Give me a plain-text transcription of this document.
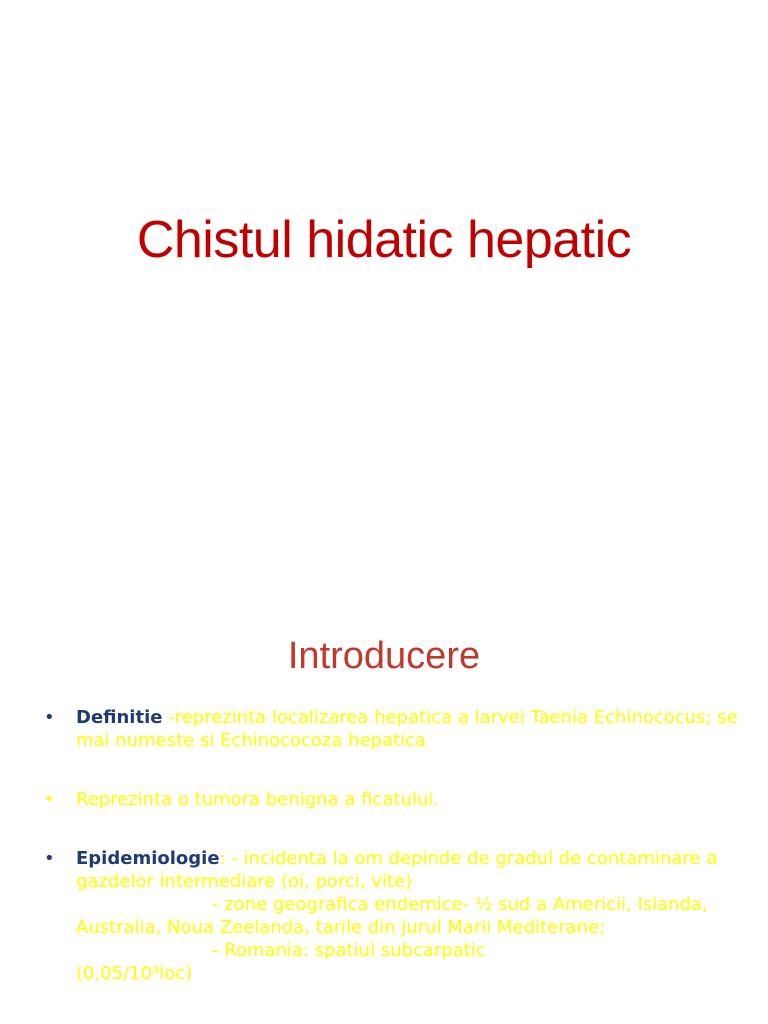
Chistul hidatic hepatic
Introducere
• Definitie -reprezinta localizarea hepatica a larvei Taenia Echinococus; se mai numeste si Echinococoza hepatica
• Reprezinta o tumora benigna a ficatului.
• Epidemiologie: - incidenta la om depinde de gradul de contaminare a gazdelor intermediare (oi, porci, vite)
- zone geografica endemice- ½ sud a Americii, Islanda, Australia, Noua Zeelanda, tarile din jurul Marii Mediterane;
- Romania: spatiul subcarpatic
(0,05/10³loc)
